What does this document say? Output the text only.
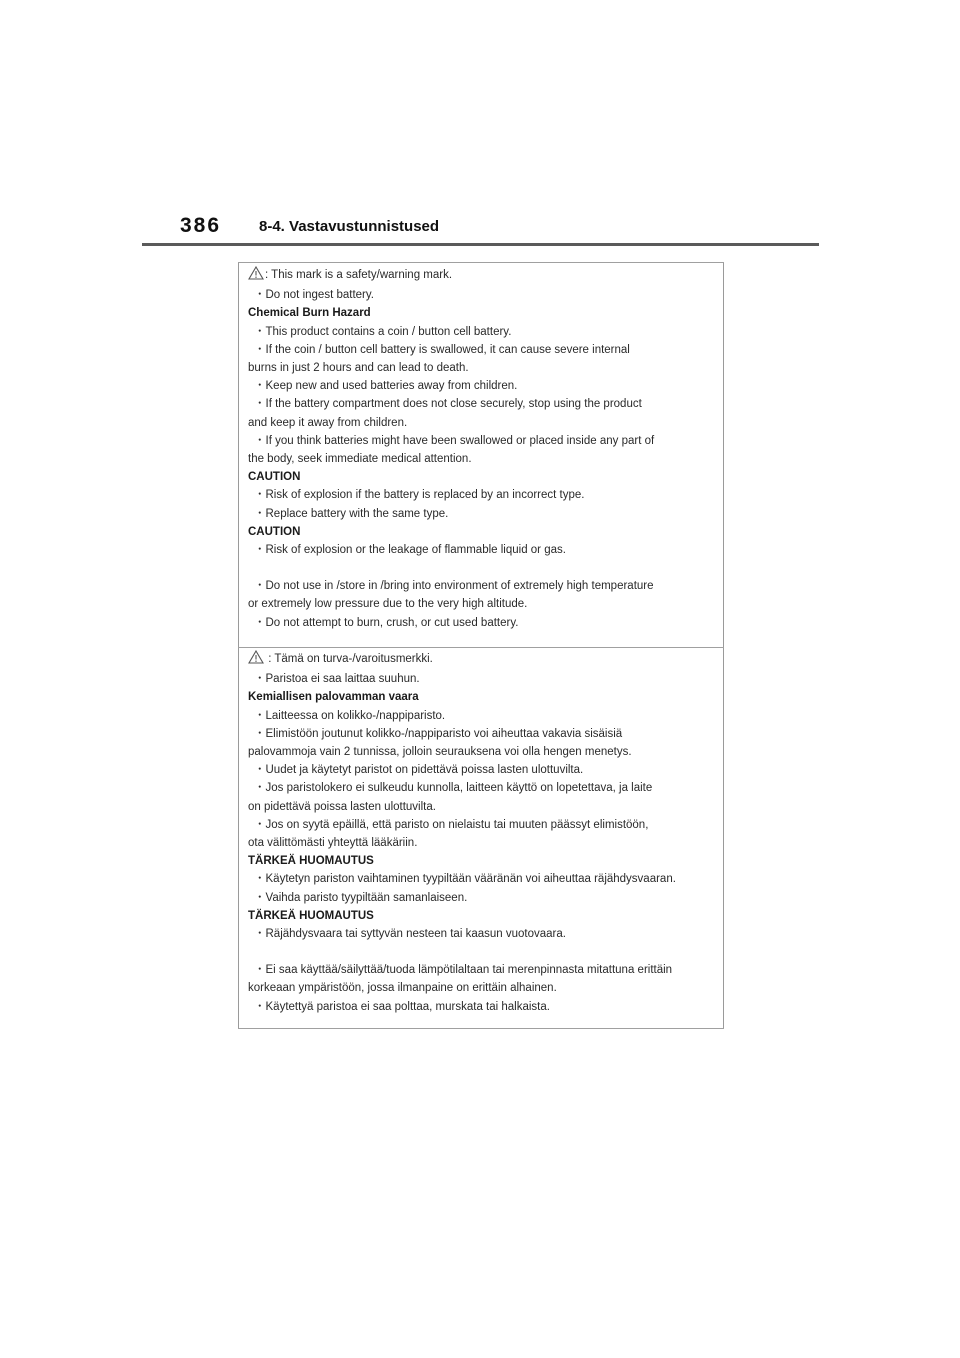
386	8-4. Vastavustunnistused
: This mark is a safety/warning mark.
・Do not ingest battery.
Chemical Burn Hazard
・This product contains a coin / button cell battery.
・If the coin / button cell battery is swallowed, it can cause severe internal
burns in just 2 hours and can lead to death.
・Keep new and used batteries away from children.
・If the battery compartment does not close securely, stop using the product
and keep it away from children.
・If you think batteries might have been swallowed or placed inside any part of
the body, seek immediate medical attention.
CAUTION
・Risk of explosion if the battery is replaced by an incorrect type.
・Replace battery with the same type.
CAUTION
・Risk of explosion or the leakage of flammable liquid or gas.
・Do not use in /store in /bring into environment of extremely high temperature
or extremely low pressure due to the very high altitude.
・Do not attempt to burn, crush, or cut used battery.
: Tämä on turva-/varoitusmerkki.
・Paristoa ei saa laittaa suuhun.
Kemiallisen palovamman vaara
・Laitteessa on kolikko-/nappiparisto.
・Elimistöön joutunut kolikko-/nappiparisto voi aiheuttaa vakavia sisäisiä
palovammoja vain 2 tunnissa, jolloin seurauksena voi olla hengen menetys.
・Uudet ja käytetyt paristot on pidettävä poissa lasten ulottuvilta.
・Jos paristolokero ei sulkeudu kunnolla, laitteen käyttö on lopetettava, ja laite
on pidettävä poissa lasten ulottuvilta.
・Jos on syytä epäillä, että paristo on nielaistu tai muuten päässyt elimistöön,
ota välittömästi yhteyttä lääkäriin.
TÄRKEÄ HUOMAUTUS
・Käytetyn pariston vaihtaminen tyypiltään vääränän voi aiheuttaa räjähdysvaaran.
・Vaihda paristo tyypiltään samanlaiseen.
TÄRKEÄ HUOMAUTUS
・Räjähdysvaara tai syttyvän nesteen tai kaasun vuotovaara.
・Ei saa käyttää/säilyttää/tuoda lämpötilaltaan tai merenpinnasta mitattuna erittäin
korkeaan ympäristöön, jossa ilmanpaine on erittäin alhainen.
・Käytettyä paristoa ei saa polttaa, murskata tai halkaista.
